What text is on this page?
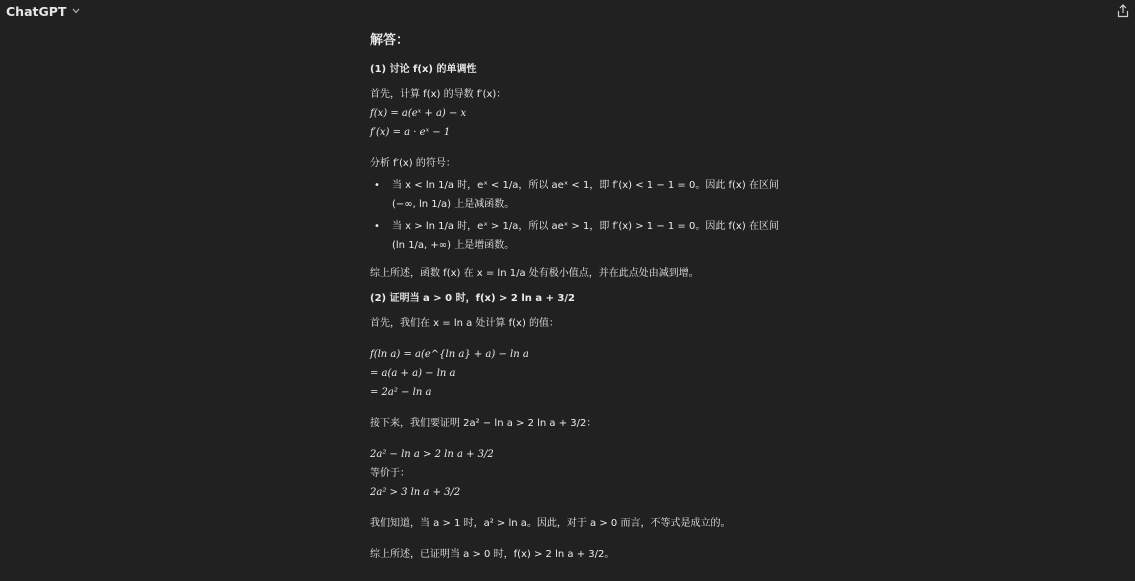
ChatGPT
解答：
(1) 讨论 f(x) 的单调性
首先，计算 f(x) 的导数 f′(x)：
f(x) = a(eˣ + a) − x
f′(x) = a · eˣ − 1
分析 f′(x) 的符号：
• 当 x < ln 1/a 时，eˣ < 1/a，所以 aeˣ < 1，即 f′(x) < 1 − 1 = 0。因此 f(x) 在区间
(−∞, ln 1/a) 上是减函数。
• 当 x > ln 1/a 时，eˣ > 1/a，所以 aeˣ > 1，即 f′(x) > 1 − 1 = 0。因此 f(x) 在区间
(ln 1/a, +∞) 上是增函数。
综上所述，函数 f(x) 在 x = ln 1/a 处有极小值点，并在此点处由减到增。
(2) 证明当 a > 0 时，f(x) > 2 ln a + 3/2
首先，我们在 x = ln a 处计算 f(x) 的值：
f(ln a) = a(e^{ln a} + a) − ln a
= a(a + a) − ln a
= 2a² − ln a
接下来，我们要证明 2a² − ln a > 2 ln a + 3/2：
2a² − ln a > 2 ln a + 3/2
等价于：
2a² > 3 ln a + 3/2
我们知道，当 a > 1 时，a² > ln a。因此，对于 a > 0 而言，不等式是成立的。
综上所述，已证明当 a > 0 时，f(x) > 2 ln a + 3/2。
